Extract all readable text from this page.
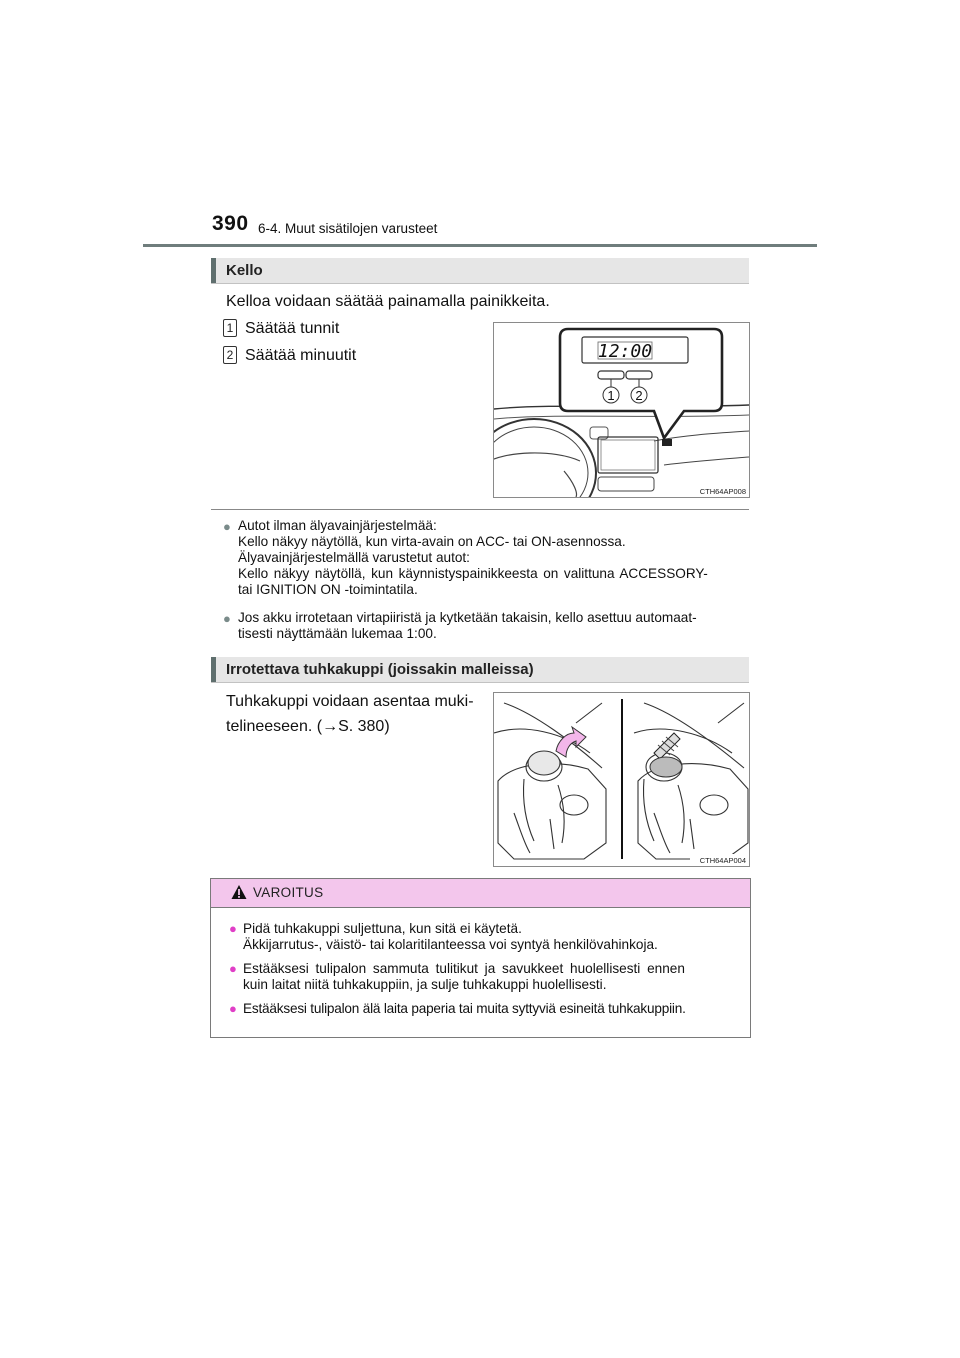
390 6-4. Muut sisätilojen varusteet
Kello
Kelloa voidaan säätää painamalla painikkeita.
1 Säätää tunnit
2 Säätää minuutit	12:00
1 2
CTH64AP008
● Autot ilman älyavainjärjestelmää:
Kello näkyy näytöllä, kun virta-avain on ACC- tai ON-asennossa.
Älyavainjärjestelmällä varustetut autot:
Kello näkyy näytöllä, kun käynnistyspainikkeesta on valittuna ACCESSORY-
tai IGNITION ON -toimintatila.
● Jos akku irrotetaan virtapiiristä ja kytketään takaisin, kello asettuu automaat-
tisesti näyttämään lukemaa 1:00.
Irrotettava tuhkakuppi (joissakin malleissa)
Tuhkakuppi voidaan asentaa muki-
telineeseen. (→S. 380)
CTH64AP004
VAROITUS
● Pidä tuhkakuppi suljettuna, kun sitä ei käytetä.
Äkkijarrutus-, väistö- tai kolaritilanteessa voi syntyä henkilövahinkoja.
● Estääksesi tulipalon sammuta tulitikut ja savukkeet huolellisesti ennen
kuin laitat niitä tuhkakuppiin, ja sulje tuhkakuppi huolellisesti.
● Estääksesi tulipalon älä laita paperia tai muita syttyviä esineitä tuhkakuppiin.
